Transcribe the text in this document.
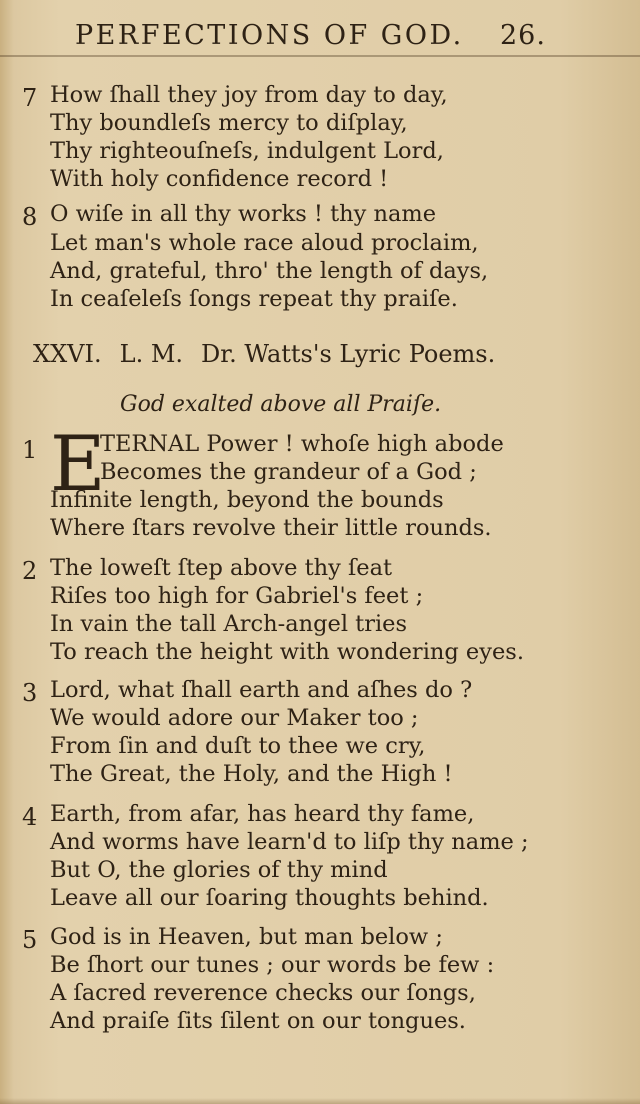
PERFECTIONS OF GOD. 26.
7 How ſhall they joy from day to day,
Thy boundleſs mercy to diſplay,
Thy righteouſneſs, indulgent Lord,
With holy confidence record !
8 O wiſe in all thy works ! thy name
Let man's whole race aloud proclaim,
And, grateful, thro' the length of days,
In ceaſeleſs ſongs repeat thy praiſe.
XXVI. L. M. Dr. Watts's Lyric Poems.
God exalted above all Praiſe.
1 E
TERNAL Power ! whoſe high abode
Becomes the grandeur of a God ;
Infinite length, beyond the bounds
Where ſtars revolve their little rounds.
2 The loweſt ſtep above thy ſeat
Riſes too high for Gabriel's feet ;
In vain the tall Arch-angel tries
To reach the height with wondering eyes.
3 Lord, what ſhall earth and aſhes do ?
We would adore our Maker too ;
From ſin and duſt to thee we cry,
The Great, the Holy, and the High !
4 Earth, from afar, has heard thy fame,
And worms have learn'd to liſp thy name ;
But O, the glories of thy mind
Leave all our ſoaring thoughts behind.
5 God is in Heaven, but man below ;
Be ſhort our tunes ; our words be few :
A ſacred reverence checks our ſongs,
And praiſe ſits ſilent on our tongues.
